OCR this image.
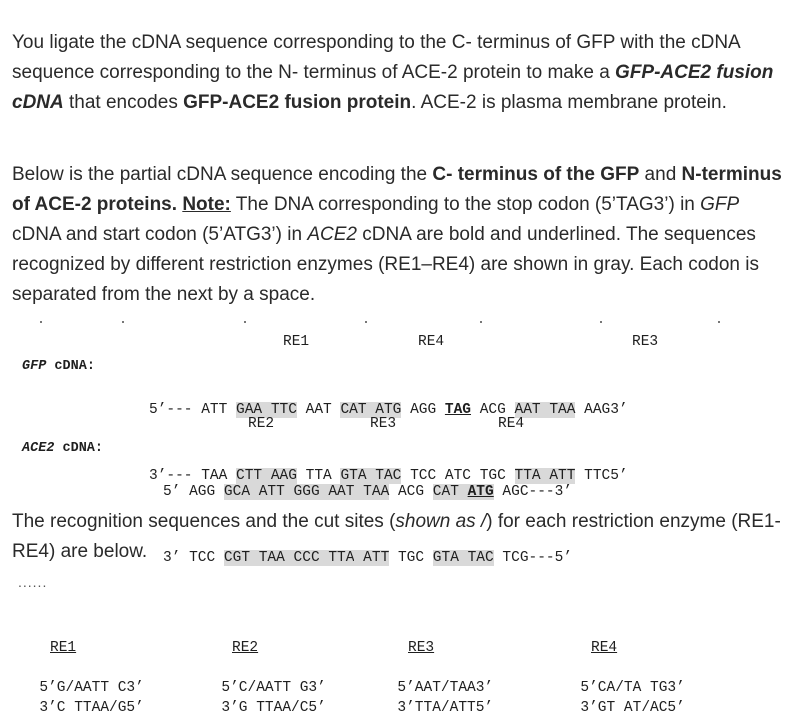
You ligate the cDNA sequence corresponding to the C- terminus of GFP with the cDNA sequence corresponding to the N- terminus of ACE-2 protein to make a GFP-ACE2 fusion cDNA that encodes GFP-ACE2 fusion protein. ACE-2 is plasma membrane protein.
Below is the partial cDNA sequence encoding the C- terminus of the GFP and N-terminus of ACE-2 proteins. Note: The DNA corresponding to the stop codon (5’TAG3’) in GFP cDNA and start codon (5’ATG3’) in ACE2 cDNA are bold and underlined. The sequences recognized by different restriction enzymes (RE1–RE4) are shown in gray. Each codon is separated from the next by a space.
RE1	RE4	RE3
GFP cDNA:

5’--- ATT GAA TTC AAT CAT ATG AGG TAG ACG AAT TAA AAG3’

3’--- TAA CTT AAG TTA GTA TAC TCC ATC TGC TTA ATT TTC5’

RE2	RE3	RE4
ACE2 cDNA:

5’ AGG GCA ATT GGG AAT TAA ACG CAT ATG AGC---3’

3’ TCC CGT TAA CCC TTA ATT TGC GTA TAC TCG---5’

The recognition sequences and the cut sites (shown as /) for each restriction enzyme (RE1-RE4) are below.
......

RE1

5’G/AATT C3’
3’C TTAA/G5’

RE2

5’C/AATT G3’
3’G TTAA/C5’

RE3

5’AAT/TAA3’
3’TTA/ATT5’

RE4

5’CA/TA TG3’
3’GT AT/AC5’
